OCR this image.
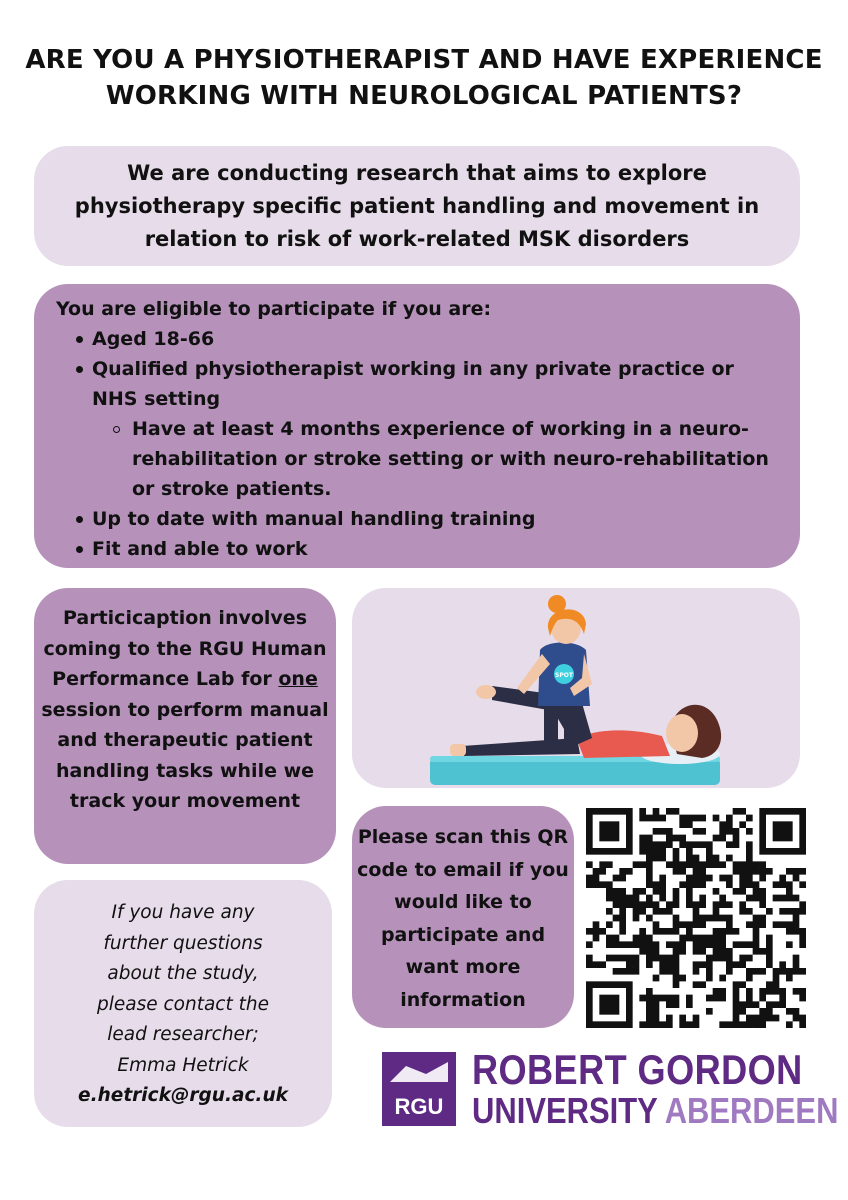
ARE YOU A PHYSIOTHERAPIST AND HAVE EXPERIENCE
WORKING WITH NEUROLOGICAL PATIENTS?
We are conducting research that aims to explore
physiotherapy specific patient handling and movement in
relation to risk of work-related MSK disorders
You are eligible to participate if you are:
Aged 18-66
Qualified physiotherapist working in any private practice or NHS setting
Have at least 4 months experience of working in a neuro-rehabilitation or stroke setting or with neuro-rehabilitation or stroke patients.
Up to date with manual handling training
Fit and able to work
Particicaption involves coming to the RGU Human Performance Lab for one session to perform manual and therapeutic patient handling tasks while we track your movement
SPOT
Please scan this QR code to email if you would like to participate and want more information
If you have any
further questions
about the study,
please contact the
lead researcher;
Emma Hetrick
e.hetrick@rgu.ac.uk	RGU
ROBERT GORDON
UNIVERSITY ABERDEEN
